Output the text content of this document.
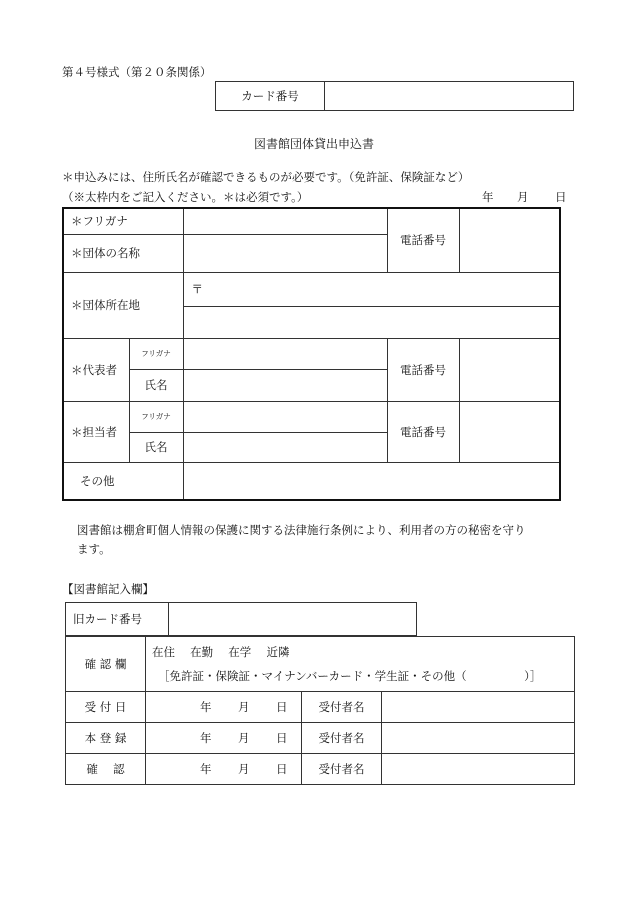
第４号様式（第２０条関係）
カード番号	
図書館団体貸出申込書
＊申込みには、住所氏名が確認できるものが必要です。（免許証、保険証など）
（※太枠内をご記入ください。＊は必須です。）	年 月 日
＊フリガナ			電話番号	
＊団体の名称				
＊団体所在地		〒		

＊代表者	フリガナ		電話番号	
	氏名			
＊担当者	フリガナ		電話番号	
	氏名			
その他				
図書館は棚倉町個人情報の保護に関する法律施行条例により、利用者の方の秘密を守り
ます。
【図書館記入欄】
旧カード番号	
確 認 欄	在住　 在勤　 在学　 近隣
［免許証・保険証・マイナンバーカード・学生証・その他（　　　　　）］		

受 付 日	年 月 日	受付者名	
本 登 録	年 月 日	受付者名	
確　 認	年 月 日	受付者名	
